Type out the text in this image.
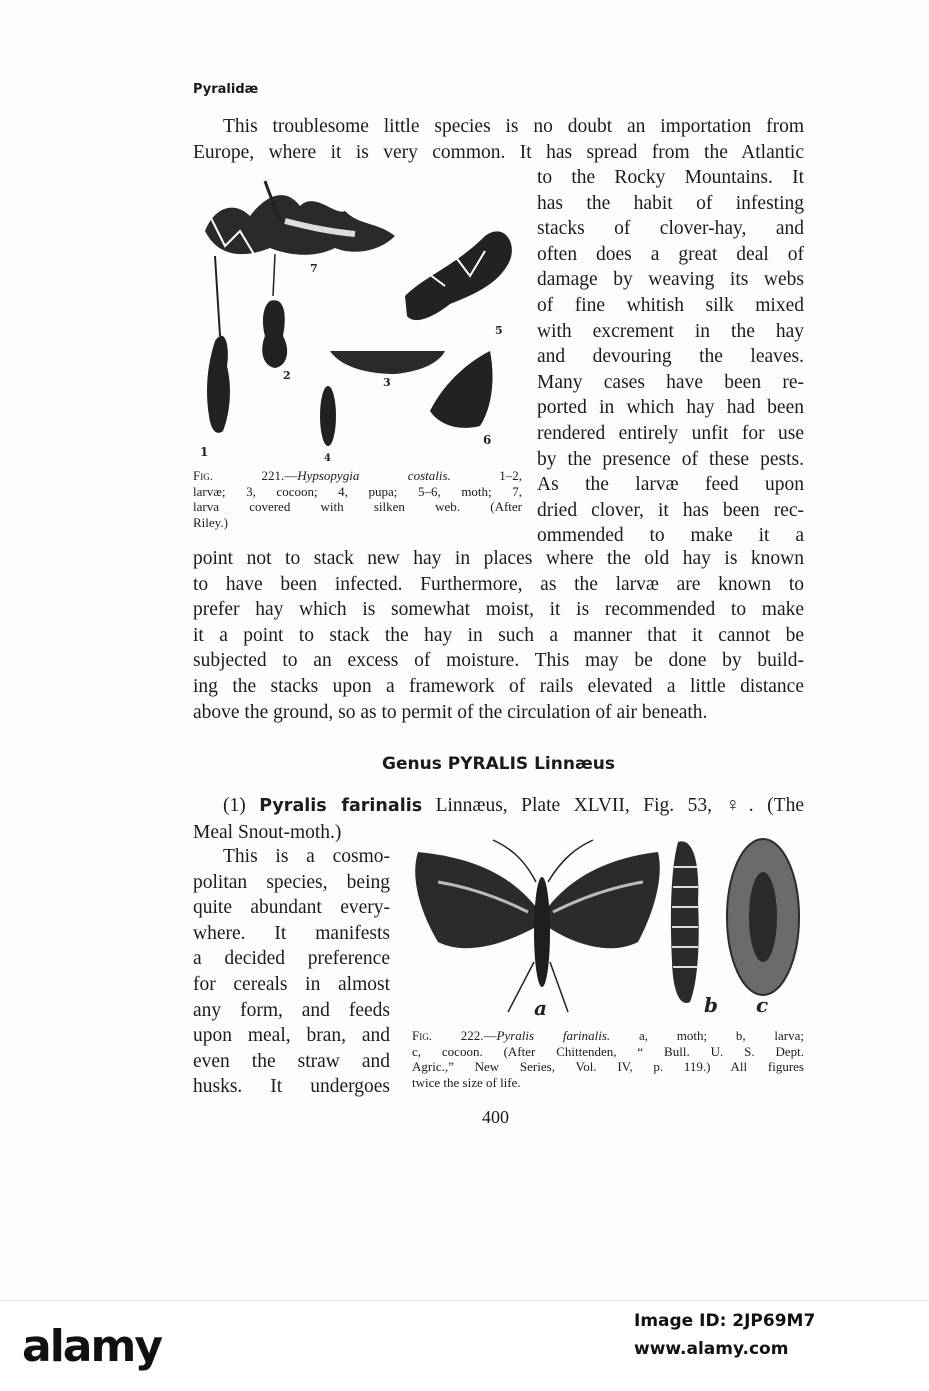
Pyralidæ
This troublesome little species is no doubt an importation from
Europe, where it is very common. It has spread from the Atlantic
1
2
3
4
5
6
7
to the Rocky Mountains. It
has the habit of infesting
stacks of clover-hay, and
often does a great deal of
damage by weaving its webs
of fine whitish silk mixed
with excrement in the hay
and devouring the leaves.
Many cases have been re-
ported in which hay had been
rendered entirely unfit for use
by the presence of these pests.
As the larvæ feed upon
dried clover, it has been rec-
ommended to make it a
Fig. 221.—Hypsopygia costalis.	1–2,
larvæ; 3, cocoon; 4, pupa; 5–6, moth; 7,
larva covered with silken web. (After
Riley.)
point not to stack new hay in places where the old hay is known
to have been infected. Furthermore, as the larvæ are known to
prefer hay which is somewhat moist, it is recommended to make
it a point to stack the hay in such a manner that it cannot be
subjected to an excess of moisture. This may be done by build-
ing the stacks upon a framework of rails elevated a little distance
above the ground, so as to permit of the circulation of air beneath.
Genus PYRALIS Linnæus
(1) Pyralis farinalis Linnæus, Plate XLVII, Fig. 53, ♀. (The
Meal Snout-moth.)
This is a cosmo-
politan species, being
quite abundant every-
where. It manifests
a decided preference
for cereals in almost
any form, and feeds
upon meal, bran, and
even the straw and
husks. It undergoes
a	b c
Fig. 222.—Pyralis farinalis. a, moth; b, larva;
c, cocoon. (After Chittenden, “ Bull. U. S. Dept.
Agric.,” New Series, Vol. IV, p. 119.) All figures
twice the size of life.
400
alamy	Image ID: 2JP69M7
www.alamy.com
